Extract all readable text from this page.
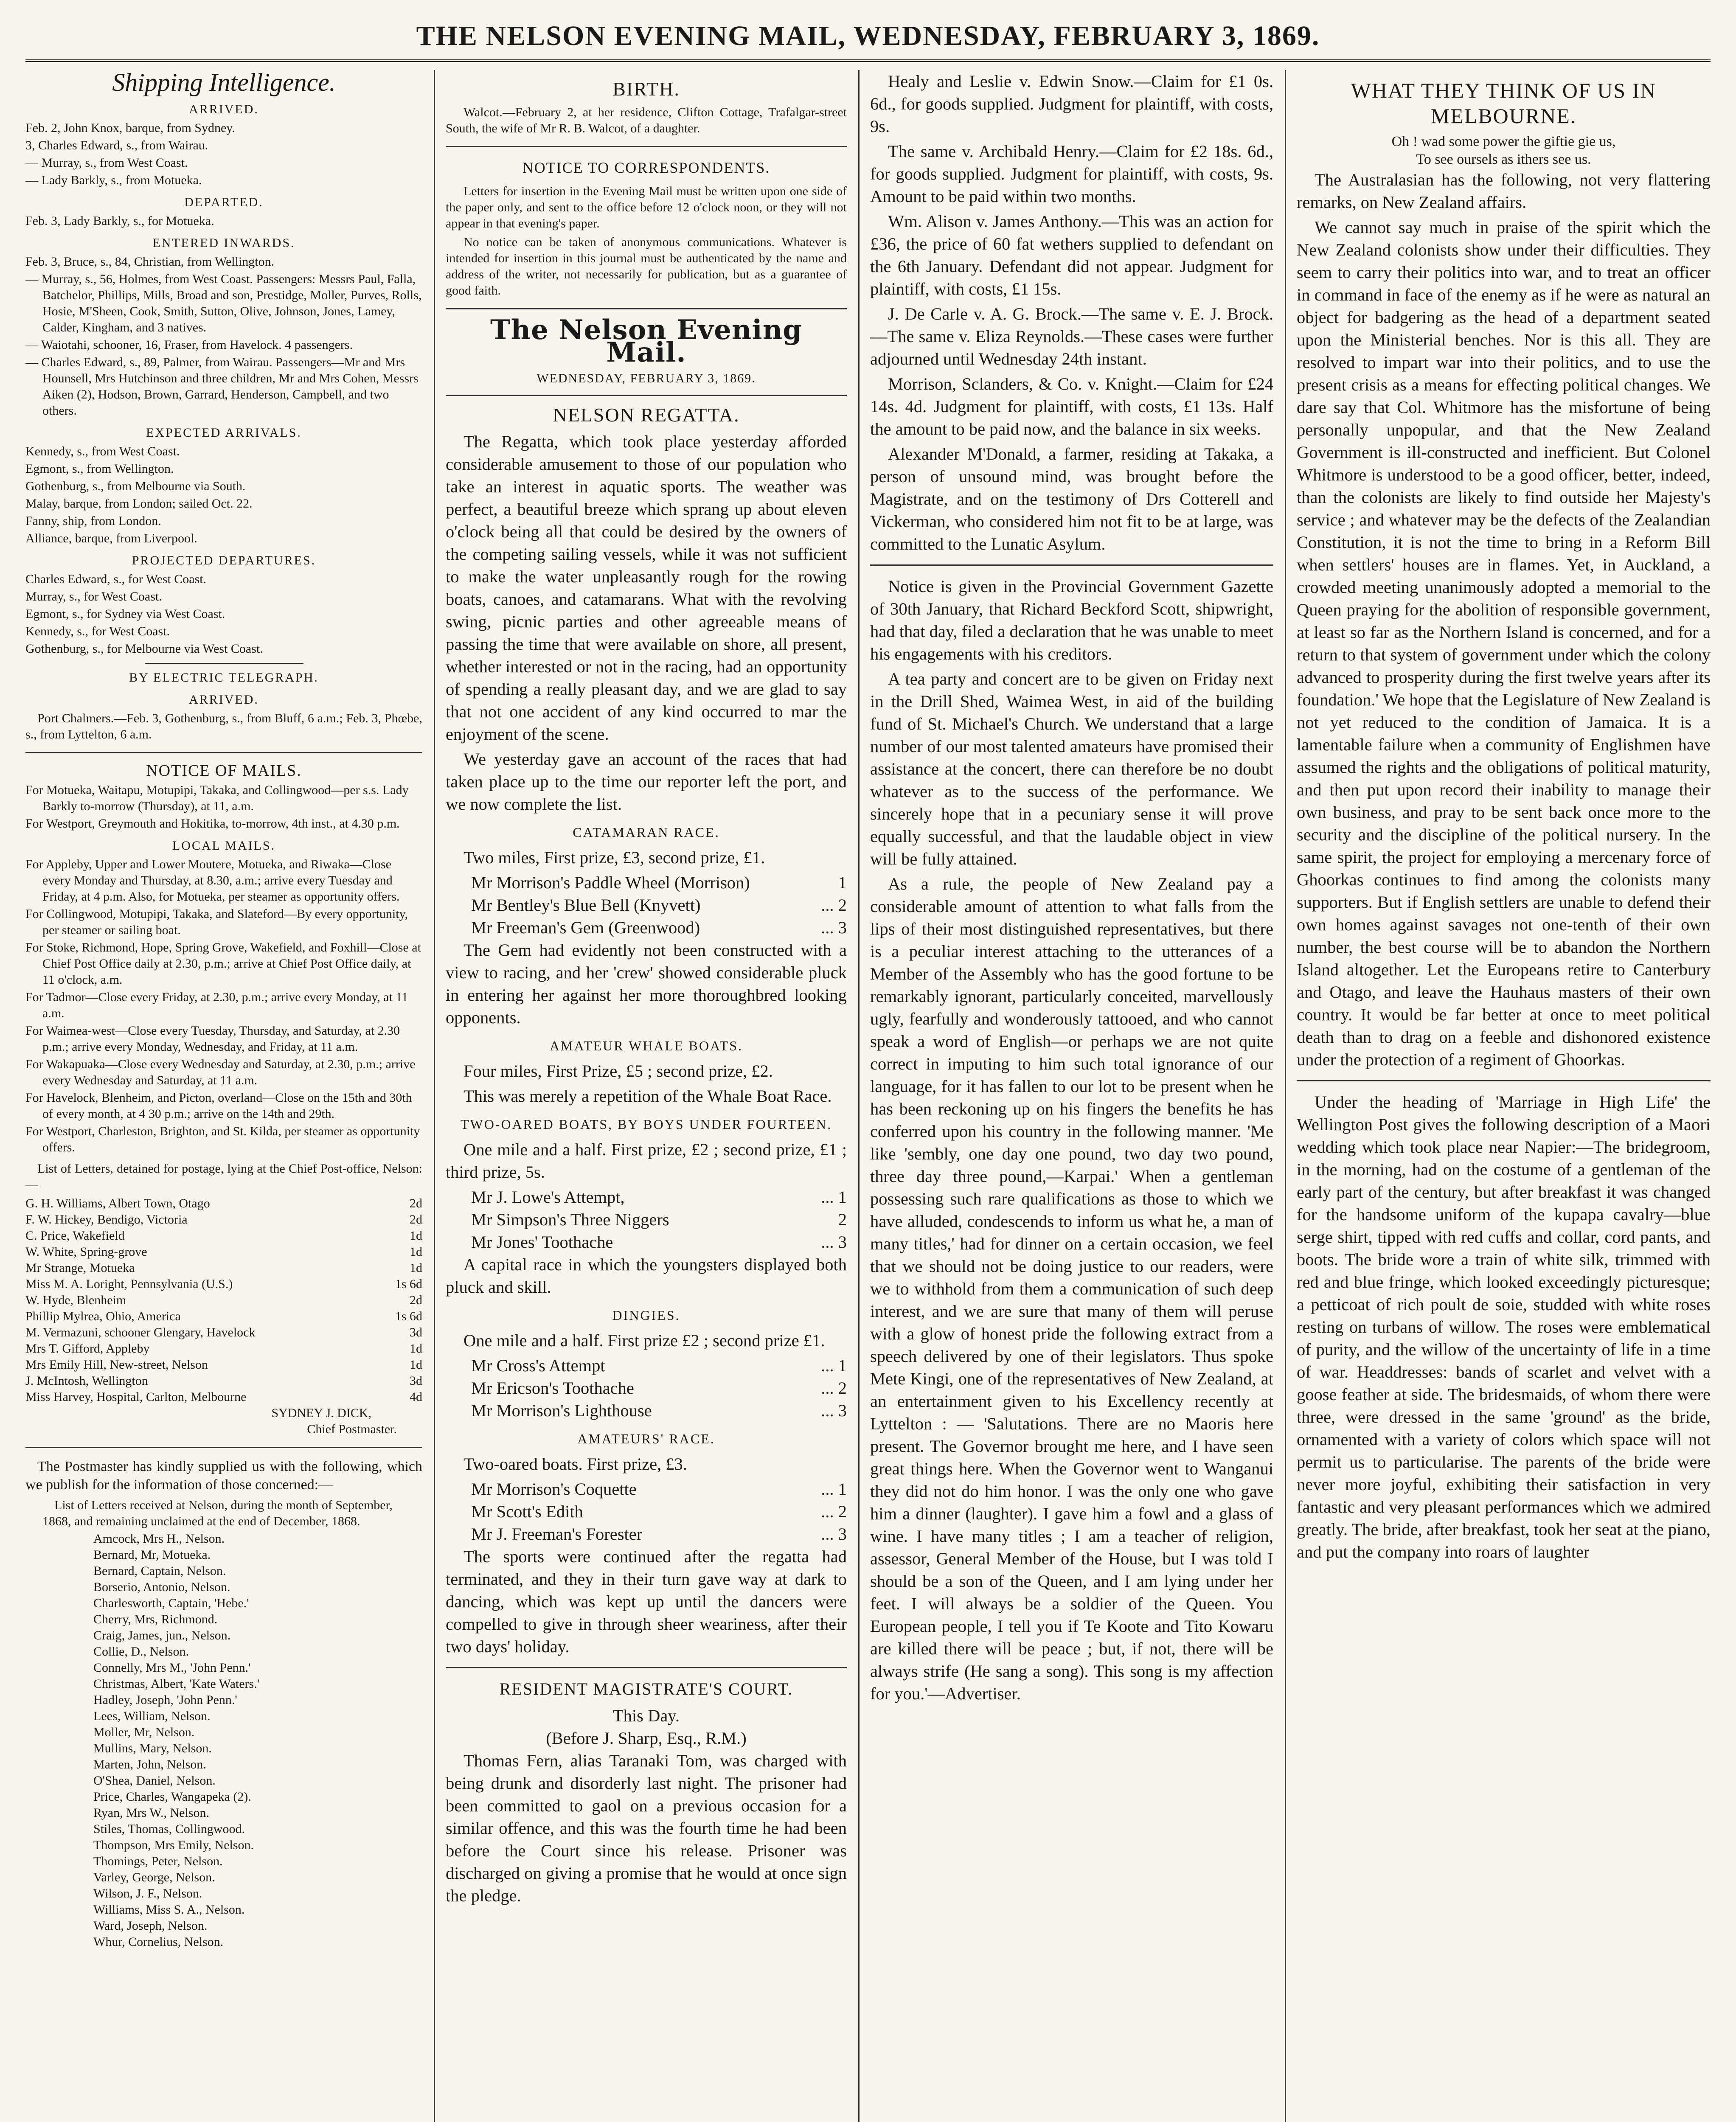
THE NELSON EVENING MAIL, WEDNESDAY, FEBRUARY 3, 1869.
Shipping Intelligence.
ARRIVED.
Feb. 2, John Knox, barque, from Sydney.
3, Charles Edward, s., from Wairau.
— Murray, s., from West Coast.
— Lady Barkly, s., from Motueka.
DEPARTED.
Feb. 3, Lady Barkly, s., for Motueka.
ENTERED INWARDS.
Feb. 3, Bruce, s., 84, Christian, from Wellington.
— Murray, s., 56, Holmes, from West Coast. Passengers: Messrs Paul, Falla, Batchelor, Phillips, Mills, Broad and son, Prestidge, Moller, Purves, Rolls, Hosie, M'Sheen, Cook, Smith, Sutton, Olive, Johnson, Jones, Lamey, Calder, Kingham, and 3 natives.
— Waiotahi, schooner, 16, Fraser, from Havelock. 4 passengers.
— Charles Edward, s., 89, Palmer, from Wairau. Passengers—Mr and Mrs Hounsell, Mrs Hutchinson and three children, Mr and Mrs Cohen, Messrs Aiken (2), Hodson, Brown, Garrard, Henderson, Campbell, and two others.
EXPECTED ARRIVALS.
Kennedy, s., from West Coast.
Egmont, s., from Wellington.
Gothenburg, s., from Melbourne via South.
Malay, barque, from London; sailed Oct. 22.
Fanny, ship, from London.
Alliance, barque, from Liverpool.
PROJECTED DEPARTURES.
Charles Edward, s., for West Coast.
Murray, s., for West Coast.
Egmont, s., for Sydney via West Coast.
Kennedy, s., for West Coast.
Gothenburg, s., for Melbourne via West Coast.
BY ELECTRIC TELEGRAPH.
ARRIVED.

Port Chalmers.—Feb. 3, Gothenburg, s., from Bluff, 6 a.m.; Feb. 3, Phœbe, s., from Lyttelton, 6 a.m.

NOTICE OF MAILS.
For Motueka, Waitapu, Motupipi, Takaka, and Collingwood—per s.s. Lady Barkly to-morrow (Thursday), at 11, a.m.
For Westport, Greymouth and Hokitika, to-morrow, 4th inst., at 4.30 p.m.
LOCAL MAILS.
For Appleby, Upper and Lower Moutere, Motueka, and Riwaka—Close every Monday and Thursday, at 8.30, a.m.; arrive every Tuesday and Friday, at 4 p.m. Also, for Motueka, per steamer as opportunity offers.
For Collingwood, Motupipi, Takaka, and Slateford—By every opportunity, per steamer or sailing boat.
For Stoke, Richmond, Hope, Spring Grove, Wakefield, and Foxhill—Close at Chief Post Office daily at 2.30, p.m.; arrive at Chief Post Office daily, at 11 o'clock, a.m.
For Tadmor—Close every Friday, at 2.30, p.m.; arrive every Monday, at 11 a.m.
For Waimea-west—Close every Tuesday, Thursday, and Saturday, at 2.30 p.m.; arrive every Monday, Wednesday, and Friday, at 11 a.m.
For Wakapuaka—Close every Wednesday and Saturday, at 2.30, p.m.; arrive every Wednesday and Saturday, at 11 a.m.
For Havelock, Blenheim, and Picton, overland—Close on the 15th and 30th of every month, at 4 30 p.m.; arrive on the 14th and 29th.
For Westport, Charleston, Brighton, and St. Kilda, per steamer as opportunity offers.

List of Letters, detained for postage, lying at the Chief Post-office, Nelson:—

G. H. Williams, Albert Town, Otago	2d
F. W. Hickey, Bendigo, Victoria	2d
C. Price, Wakefield	1d
W. White, Spring-grove	1d
Mr Strange, Motueka	1d
Miss M. A. Loright, Pennsylvania (U.S.)	1s 6d
W. Hyde, Blenheim	2d
Phillip Mylrea, Ohio, America	1s 6d
M. Vermazuni, schooner Glengary, Havelock	3d
Mrs T. Gifford, Appleby	1d
Mrs Emily Hill, New-street, Nelson	1d
J. McIntosh, Wellington	3d
Miss Harvey, Hospital, Carlton, Melbourne	4d
SYDNEY J. DICK,
Chief Postmaster.

The Postmaster has kindly supplied us with the following, which we publish for the information of those concerned:—

List of Letters received at Nelson, during the month of September, 1868, and remaining unclaimed at the end of December, 1868.

Amcock, Mrs H., Nelson.
Bernard, Mr, Motueka.
Bernard, Captain, Nelson.
Borserio, Antonio, Nelson.
Charlesworth, Captain, 'Hebe.'
Cherry, Mrs, Richmond.
Craig, James, jun., Nelson.
Collie, D., Nelson.
Connelly, Mrs M., 'John Penn.'
Christmas, Albert, 'Kate Waters.'
Hadley, Joseph, 'John Penn.'
Lees, William, Nelson.
Moller, Mr, Nelson.
Mullins, Mary, Nelson.
Marten, John, Nelson.
O'Shea, Daniel, Nelson.
Price, Charles, Wangapeka (2).
Ryan, Mrs W., Nelson.
Stiles, Thomas, Collingwood.
Thompson, Mrs Emily, Nelson.
Thomings, Peter, Nelson.
Varley, George, Nelson.
Wilson, J. F., Nelson.
Williams, Miss S. A., Nelson.
Ward, Joseph, Nelson.
Whur, Cornelius, Nelson.
BIRTH.

Walcot.—February 2, at her residence, Clifton Cottage, Trafalgar-street South, the wife of Mr R. B. Walcot, of a daughter.

NOTICE TO CORRESPONDENTS.

Letters for insertion in the Evening Mail must be written upon one side of the paper only, and sent to the office before 12 o'clock noon, or they will not appear in that evening's paper.

No notice can be taken of anonymous communications. Whatever is intended for insertion in this journal must be authenticated by the name and address of the writer, not necessarily for publication, but as a guarantee of good faith.

The Nelson Evening Mail.
WEDNESDAY, FEBRUARY 3, 1869.
NELSON REGATTA.

The Regatta, which took place yesterday afforded considerable amusement to those of our population who take an interest in aquatic sports. The weather was perfect, a beautiful breeze which sprang up about eleven o'clock being all that could be desired by the owners of the competing sailing vessels, while it was not sufficient to make the water unpleasantly rough for the rowing boats, canoes, and catamarans. What with the revolving swing, picnic parties and other agreeable means of passing the time that were available on shore, all present, whether interested or not in the racing, had an opportunity of spending a really pleasant day, and we are glad to say that not one accident of any kind occurred to mar the enjoyment of the scene.

We yesterday gave an account of the races that had taken place up to the time our reporter left the port, and we now complete the list.

CATAMARAN RACE.

Two miles, First prize, £3, second prize, £1.

Mr Morrison's Paddle Wheel (Morrison)	1
Mr Bentley's Blue Bell (Knyvett)	... 2
Mr Freeman's Gem (Greenwood)	... 3

The Gem had evidently not been constructed with a view to racing, and her 'crew' showed considerable pluck in entering her against her more thoroughbred looking opponents.

AMATEUR WHALE BOATS.

Four miles, First Prize, £5 ; second prize, £2.

This was merely a repetition of the Whale Boat Race.

TWO-OARED BOATS, BY BOYS UNDER FOURTEEN.

One mile and a half. First prize, £2 ; second prize, £1 ; third prize, 5s.

Mr J. Lowe's Attempt,	... 1
Mr Simpson's Three Niggers	2
Mr Jones' Toothache	... 3

A capital race in which the youngsters displayed both pluck and skill.

DINGIES.

One mile and a half. First prize £2 ; second prize £1.

Mr Cross's Attempt	... 1
Mr Ericson's Toothache	... 2
Mr Morrison's Lighthouse	... 3
AMATEURS' RACE.

Two-oared boats. First prize, £3.

Mr Morrison's Coquette	... 1
Mr Scott's Edith	... 2
Mr J. Freeman's Forester	... 3

The sports were continued after the regatta had terminated, and they in their turn gave way at dark to dancing, which was kept up until the dancers were compelled to give in through sheer weariness, after their two days' holiday.

RESIDENT MAGISTRATE'S COURT.
This Day.
(Before J. Sharp, Esq., R.M.)

Thomas Fern, alias Taranaki Tom, was charged with being drunk and disorderly last night. The prisoner had been committed to gaol on a previous occasion for a similar offence, and this was the fourth time he had been before the Court since his release. Prisoner was discharged on giving a promise that he would at once sign the pledge.

Healy and Leslie v. Edwin Snow.—Claim for £1 0s. 6d., for goods supplied. Judgment for plaintiff, with costs, 9s.

The same v. Archibald Henry.—Claim for £2 18s. 6d., for goods supplied. Judgment for plaintiff, with costs, 9s. Amount to be paid within two months.

Wm. Alison v. James Anthony.—This was an action for £36, the price of 60 fat wethers supplied to defendant on the 6th January. Defendant did not appear. Judgment for plaintiff, with costs, £1 15s.

J. De Carle v. A. G. Brock.—The same v. E. J. Brock.—The same v. Eliza Reynolds.—These cases were further adjourned until Wednesday 24th instant.

Morrison, Sclanders, & Co. v. Knight.—Claim for £24 14s. 4d. Judgment for plaintiff, with costs, £1 13s. Half the amount to be paid now, and the balance in six weeks.

Alexander M'Donald, a farmer, residing at Takaka, a person of unsound mind, was brought before the Magistrate, and on the testimony of Drs Cotterell and Vickerman, who considered him not fit to be at large, was committed to the Lunatic Asylum.

Notice is given in the Provincial Government Gazette of 30th January, that Richard Beckford Scott, shipwright, had that day, filed a declaration that he was unable to meet his engagements with his creditors.

A tea party and concert are to be given on Friday next in the Drill Shed, Waimea West, in aid of the building fund of St. Michael's Church. We understand that a large number of our most talented amateurs have promised their assistance at the concert, there can therefore be no doubt whatever as to the success of the performance. We sincerely hope that in a pecuniary sense it will prove equally successful, and that the laudable object in view will be fully attained.

As a rule, the people of New Zealand pay a considerable amount of attention to what falls from the lips of their most distinguished representatives, but there is a peculiar interest attaching to the utterances of a Member of the Assembly who has the good fortune to be remarkably ignorant, particularly conceited, marvellously ugly, fearfully and wonderously tattooed, and who cannot speak a word of English—or perhaps we are not quite correct in imputing to him such total ignorance of our language, for it has fallen to our lot to be present when he has been reckoning up on his fingers the benefits he has conferred upon his country in the following manner. 'Me like 'sembly, one day one pound, two day two pound, three day three pound,—Karpai.' When a gentleman possessing such rare qualifications as those to which we have alluded, condescends to inform us what he, a man of many titles,' had for dinner on a certain occasion, we feel that we should not be doing justice to our readers, were we to withhold from them a communication of such deep interest, and we are sure that many of them will peruse with a glow of honest pride the following extract from a speech delivered by one of their legislators. Thus spoke Mete Kingi, one of the representatives of New Zealand, at an entertainment given to his Excellency recently at Lyttelton : — 'Salutations. There are no Maoris here present. The Governor brought me here, and I have seen great things here. When the Governor went to Wanganui they did not do him honor. I was the only one who gave him a dinner (laughter). I gave him a fowl and a glass of wine. I have many titles ; I am a teacher of religion, assessor, General Member of the House, but I was told I should be a son of the Queen, and I am lying under her feet. I will always be a soldier of the Queen. You European people, I tell you if Te Koote and Tito Kowaru are killed there will be peace ; but, if not, there will be always strife (He sang a song). This song is my affection for you.'—Advertiser.

WHAT THEY THINK OF US IN MELBOURNE.
Oh ! wad some power the giftie gie us,
To see oursels as ithers see us.

The Australasian has the following, not very flattering remarks, on New Zealand affairs.

We cannot say much in praise of the spirit which the New Zealand colonists show under their difficulties. They seem to carry their politics into war, and to treat an officer in command in face of the enemy as if he were as natural an object for badgering as the head of a department seated upon the Ministerial benches. Nor is this all. They are resolved to impart war into their politics, and to use the present crisis as a means for effecting political changes. We dare say that Col. Whitmore has the misfortune of being personally unpopular, and that the New Zealand Government is ill-constructed and inefficient. But Colonel Whitmore is understood to be a good officer, better, indeed, than the colonists are likely to find outside her Majesty's service ; and whatever may be the defects of the Zealandian Constitution, it is not the time to bring in a Reform Bill when settlers' houses are in flames. Yet, in Auckland, a crowded meeting unanimously adopted a memorial to the Queen praying for the abolition of responsible government, at least so far as the Northern Island is concerned, and for a return to that system of government under which the colony advanced to prosperity during the first twelve years after its foundation.' We hope that the Legislature of New Zealand is not yet reduced to the condition of Jamaica. It is a lamentable failure when a community of Englishmen have assumed the rights and the obligations of political maturity, and then put upon record their inability to manage their own business, and pray to be sent back once more to the security and the discipline of the political nursery. In the same spirit, the project for employing a mercenary force of Ghoorkas continues to find among the colonists many supporters. But if English settlers are unable to defend their own homes against savages not one-tenth of their own number, the best course will be to abandon the Northern Island altogether. Let the Europeans retire to Canterbury and Otago, and leave the Hauhaus masters of their own country. It would be far better at once to meet political death than to drag on a feeble and dishonored existence under the protection of a regiment of Ghoorkas.

Under the heading of 'Marriage in High Life' the Wellington Post gives the following description of a Maori wedding which took place near Napier:—The bridegroom, in the morning, had on the costume of a gentleman of the early part of the century, but after breakfast it was changed for the handsome uniform of the kupapa cavalry—blue serge shirt, tipped with red cuffs and collar, cord pants, and boots. The bride wore a train of white silk, trimmed with red and blue fringe, which looked exceedingly picturesque; a petticoat of rich poult de soie, studded with white roses resting on turbans of willow. The roses were emblematical of purity, and the willow of the uncertainty of life in a time of war. Headdresses: bands of scarlet and velvet with a goose feather at side. The bridesmaids, of whom there were three, were dressed in the same 'ground' as the bride, ornamented with a variety of colors which space will not permit us to particularise. The parents of the bride were never more joyful, exhibiting their satisfaction in very fantastic and very pleasant performances which we admired greatly. The bride, after breakfast, took her seat at the piano, and put the company into roars of laughter
